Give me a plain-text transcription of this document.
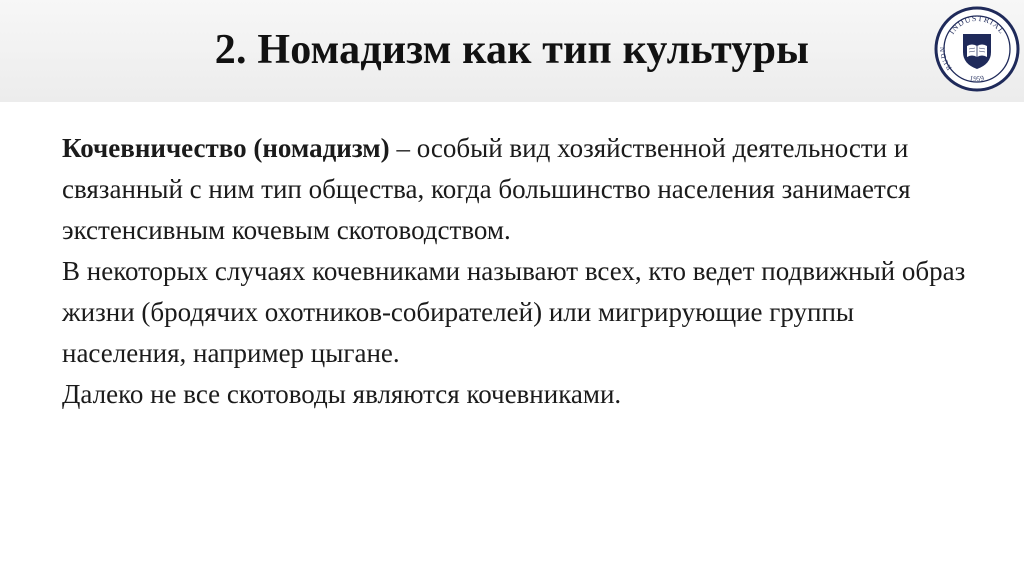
2. Номадизм как тип культуры	INDUSTRIAL
RUDN
1959

Кочевничество (номадизм) – особый вид хозяйственной деятельности и связанный с ним тип общества, когда большинство населения занимается экстенсивным кочевым скотоводством.

В некоторых случаях кочевниками называют всех, кто ведет подвижный образ жизни (бродячих охотников-собирателей) или мигрирующие группы населения, например цыгане.

Далеко не все скотоводы являются кочевниками.
